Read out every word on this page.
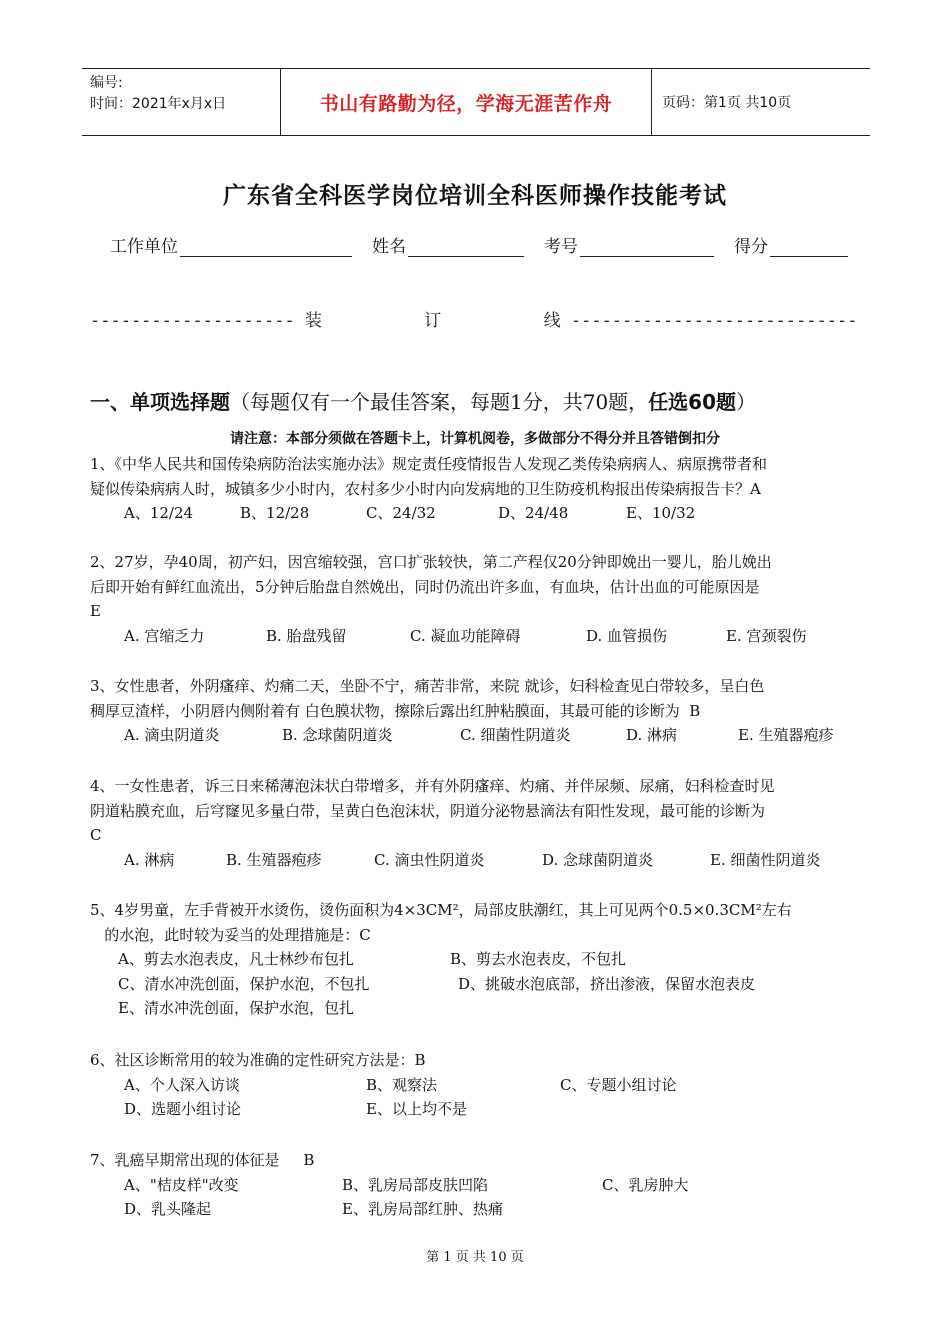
编号:
时间：2021年x月x日	书山有路勤为径，学海无涯苦作舟	页码：第1页 共10页
广东省全科医学岗位培训全科医师操作技能考试
工作单位	姓名	考号	得分
-------------------- 装          订          线 ----------------------------
一、单项选择题（每题仅有一个最佳答案，每题1分，共70题，任选60题）
请注意：本部分须做在答题卡上，计算机阅卷，多做部分不得分并且答错倒扣分
1、《中华人民共和国传染病防治法实施办法》规定责任疫情报告人发现乙类传染病病人、病原携带者和
疑似传染病病人时，城镇多少小时内，农村多少小时内向发病地的卫生防疫机构报出传染病报告卡？A
A、12/24	B、12/28	C、24/32	D、24/48	E、10/32
2、27岁，孕40周，初产妇，因宫缩较强，宫口扩张较快，第二产程仅20分钟即娩出一婴儿，胎儿娩出
后即开始有鲜红血流出，5分钟后胎盘自然娩出，同时仍流出许多血，有血块，估计出血的可能原因是
E
A. 宫缩乏力	B. 胎盘残留	C. 凝血功能障碍	D. 血管损伤	E. 宫颈裂伤
3、女性患者，外阴瘙痒、灼痛二天，坐卧不宁，痛苦非常，来院 就诊，妇科检查见白带较多，呈白色
稠厚豆渣样，小阴唇内侧附着有 白色膜状物，擦除后露出红肿粘膜面，其最可能的诊断为  B
A. 滴虫阴道炎	B. 念球菌阴道炎	C. 细菌性阴道炎	D. 淋病	E. 生殖器疱疹
4、一女性患者，诉三日来稀薄泡沫状白带增多，并有外阴瘙痒、灼痛、并伴尿频、尿痛，妇科检查时见
阴道粘膜充血，后穹窿见多量白带，呈黄白色泡沫状，阴道分泌物悬滴法有阳性发现，最可能的诊断为
C
A. 淋病	B. 生殖器疱疹	C. 滴虫性阴道炎	D. 念球菌阴道炎	E. 细菌性阴道炎
5、4岁男童，左手背被开水烫伤，烫伤面积为4×3CM²，局部皮肤潮红，其上可见两个0.5×0.3CM²左右
的水泡，此时较为妥当的处理措施是：C
A、剪去水泡表皮，凡士林纱布包扎	B、剪去水泡表皮，不包扎
C、清水冲洗创面，保护水泡，不包扎	D、挑破水泡底部，挤出渗液，保留水泡表皮
E、清水冲洗创面，保护水泡，包扎
6、社区诊断常用的较为准确的定性研究方法是：B
A、个人深入访谈	B、观察法	C、专题小组讨论
D、选题小组讨论	E、以上均不是
7、乳癌早期常出现的体征是     B
A、"桔皮样"改变	B、乳房局部皮肤凹陷	C、乳房肿大
D、乳头隆起	E、乳房局部红肿、热痛
第 1 页 共 10 页
